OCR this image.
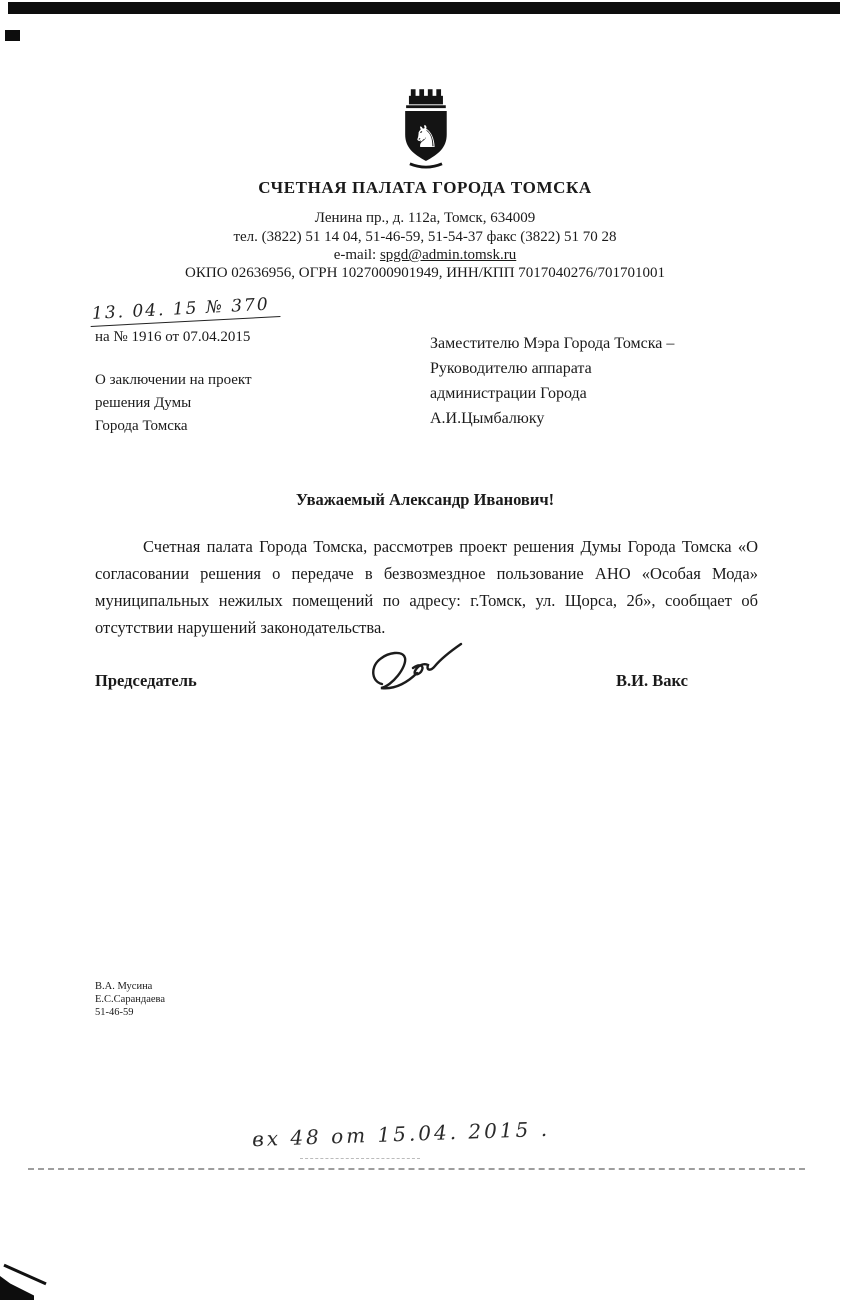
♞
СЧЕТНАЯ ПАЛАТА ГОРОДА ТОМСКА
Ленина пр., д. 112а, Томск, 634009
тел. (3822) 51 14 04, 51-46-59, 51-54-37 факс (3822) 51 70 28
e-mail: spgd@admin.tomsk.ru
ОКПО 02636956, ОГРН 1027000901949, ИНН/КПП 7017040276/701701001
13. 04. 15 № 370
на № 1916 от 07.04.2015	Заместителю Мэра Города Томска –
Руководителю аппарата
администрации Города
А.И.Цымбалюку
О заключении на проект
решения Думы
Города Томска
Уважаемый Александр Иванович!
Счетная палата Города Томска, рассмотрев проект решения Думы Города Томска «О согласовании решения о передаче в безвозмездное пользование АНО «Особая Мода» муниципальных нежилых помещений по адресу: г.Томск, ул. Щорса, 2б», сообщает об отсутствии нарушений законодательства.
Председатель	В.И. Вакс
В.А. Мусина
Е.С.Сарандаева
51-46-59
вх 48 от 15.04. 2015 .
